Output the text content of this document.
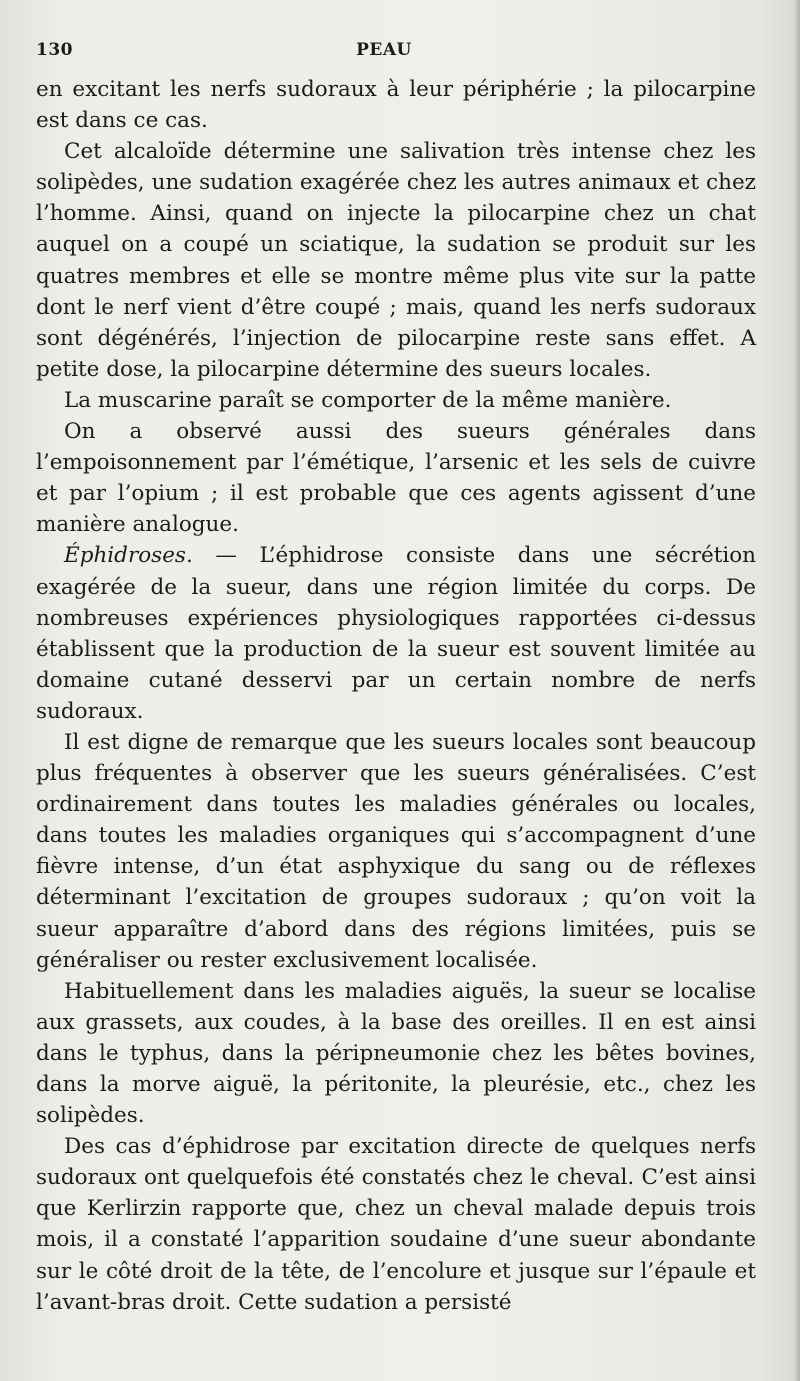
130	PEAU

en excitant les nerfs sudoraux à leur périphérie ; la pilocarpine est dans ce cas.

Cet alcaloïde détermine une salivation très intense chez les solipèdes, une sudation exagérée chez les autres animaux et chez l’homme. Ainsi, quand on injecte la pilocarpine chez un chat auquel on a coupé un sciatique, la sudation se produit sur les quatres membres et elle se montre même plus vite sur la patte dont le nerf vient d’être coupé ; mais, quand les nerfs sudoraux sont dégénérés, l’injection de pilocarpine reste sans effet. A petite dose, la pilocarpine détermine des sueurs locales.

La muscarine paraît se comporter de la même manière.

On a observé aussi des sueurs générales dans l’empoisonnement par l’émétique, l’arsenic et les sels de cuivre et par l’opium ; il est probable que ces agents agissent d’une manière analogue.

Éphidroses. — L’éphidrose consiste dans une sécrétion exagérée de la sueur, dans une région limitée du corps. De nombreuses expériences physiologiques rapportées ci-dessus établissent que la production de la sueur est souvent limitée au domaine cutané desservi par un certain nombre de nerfs sudoraux.

Il est digne de remarque que les sueurs locales sont beaucoup plus fréquentes à observer que les sueurs généralisées. C’est ordinairement dans toutes les maladies générales ou locales, dans toutes les maladies organiques qui s’accompagnent d’une fièvre intense, d’un état asphyxique du sang ou de réflexes déterminant l’excitation de groupes sudoraux ; qu’on voit la sueur apparaître d’abord dans des régions limitées, puis se généraliser ou rester exclusivement localisée.

Habituellement dans les maladies aiguës, la sueur se localise aux grassets, aux coudes, à la base des oreilles. Il en est ainsi dans le typhus, dans la péripneumonie chez les bêtes bovines, dans la morve aiguë, la péritonite, la pleurésie, etc., chez les solipèdes.

Des cas d’éphidrose par excitation directe de quelques nerfs sudoraux ont quelquefois été constatés chez le cheval. C’est ainsi que Kerlirzin rapporte que, chez un cheval malade depuis trois mois, il a constaté l’apparition soudaine d’une sueur abondante sur le côté droit de la tête, de l’encolure et jusque sur l’épaule et l’avant-bras droit. Cette sudation a persisté
